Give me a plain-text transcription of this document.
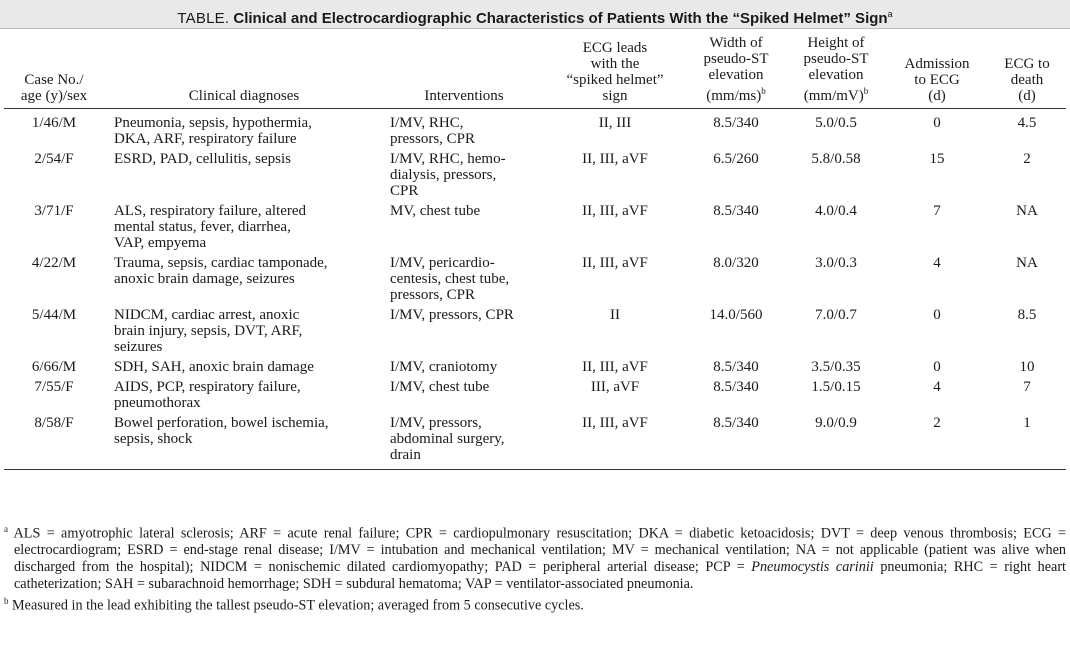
TABLE. Clinical and Electrocardiographic Characteristics of Patients With the “Spiked Helmet” Sign$^a$
Case No./
age (y)/sex	Clinical diagnoses	Interventions	ECG leads
with the
“spiked helmet”
sign	Width of
pseudo-ST
elevation
(mm/ms)$^b$	Height of
pseudo-ST
elevation
(mm/mV)$^b$	Admission
to ECG
(d)	ECG to
death
(d)
1/46/M	Pneumonia, sepsis, hypothermia,
DKA, ARF, respiratory failure	I/MV, RHC,
pressors, CPR	II, III	8.5/340	5.0/0.5	0	4.5
2/54/F	ESRD, PAD, cellulitis, sepsis	I/MV, RHC, hemo-
dialysis, pressors,
CPR	II, III, aVF	6.5/260	5.8/0.58	15	2
3/71/F	ALS, respiratory failure, altered
mental status, fever, diarrhea,
VAP, empyema	MV, chest tube	II, III, aVF	8.5/340	4.0/0.4	7	NA
4/22/M	Trauma, sepsis, cardiac tamponade,
anoxic brain damage, seizures	I/MV, pericardio-
centesis, chest tube,
pressors, CPR	II, III, aVF	8.0/320	3.0/0.3	4	NA
5/44/M	NIDCM, cardiac arrest, anoxic
brain injury, sepsis, DVT, ARF,
seizures	I/MV, pressors, CPR	II	14.0/560	7.0/0.7	0	8.5
6/66/M	SDH, SAH, anoxic brain damage	I/MV, craniotomy	II, III, aVF	8.5/340	3.5/0.35	0	10
7/55/F	AIDS, PCP, respiratory failure,
pneumothorax	I/MV, chest tube	III, aVF	8.5/340	1.5/0.15	4	7
8/58/F	Bowel perforation, bowel ischemia,
sepsis, shock	I/MV, pressors,
abdominal surgery,
drain	II, III, aVF	8.5/340	9.0/0.9	2	1

$^a$ ALS = amyotrophic lateral sclerosis; ARF = acute renal failure; CPR = cardiopulmonary resuscitation; DKA = diabetic ketoacidosis; DVT = deep venous thrombosis; ECG = electrocardiogram; ESRD = end-stage renal disease; I/MV = intubation and mechanical ventilation; MV = mechanical ventilation; NA = not applicable (patient was alive when discharged from the hospital); NIDCM = nonischemic dilated cardiomyopathy; PAD = peripheral arterial disease; PCP = Pneumocystis carinii pneumonia; RHC = right heart catheterization; SAH = subarachnoid hemorrhage; SDH = subdural hematoma; VAP = ventilator-associated pneumonia.

$^b$ Measured in the lead exhibiting the tallest pseudo-ST elevation; averaged from 5 consecutive cycles.
